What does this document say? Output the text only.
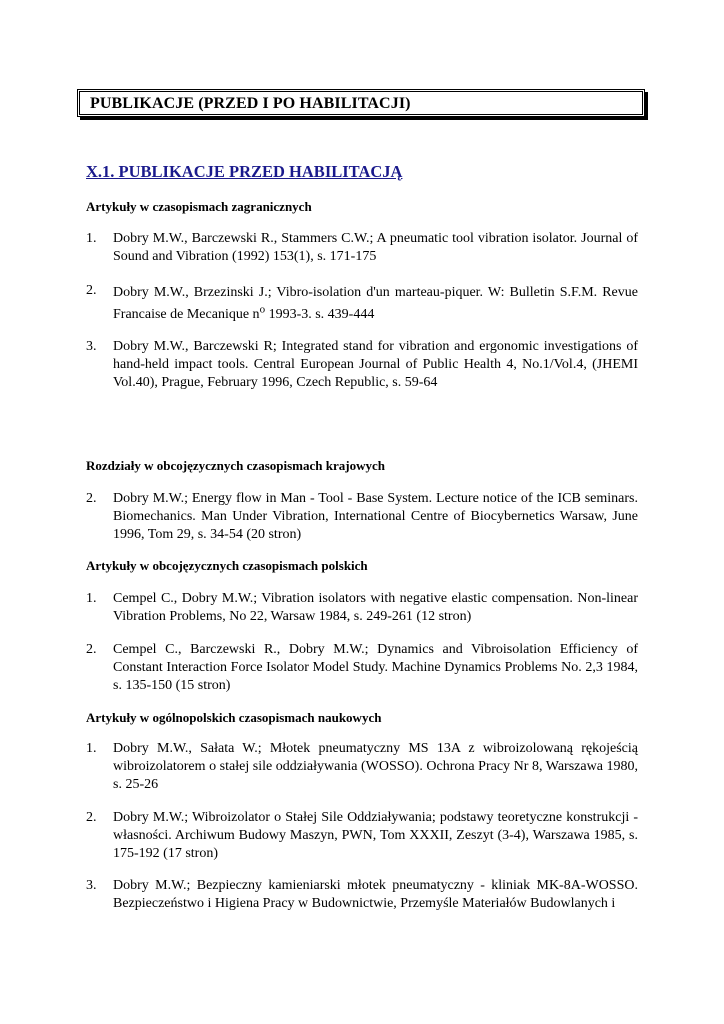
PUBLIKACJE (PRZED I PO HABILITACJI)
X.1. PUBLIKACJE PRZED HABILITACJĄ
Artykuły w czasopismach zagranicznych
1. Dobry M.W., Barczewski R., Stammers C.W.; A pneumatic tool vibration isolator. Journal of Sound and Vibration (1992) 153(1), s. 171-175
2. Dobry M.W., Brzezinski J.; Vibro-isolation d'un marteau-piquer. W: Bulletin S.F.M. Revue Francaise de Mecanique $n^o$ 1993-3. s. 439-444
3. Dobry M.W., Barczewski R; Integrated stand for vibration and ergonomic investigations of hand-held impact tools. Central European Journal of Public Health 4, No.1/Vol.4, (JHEMI Vol.40), Prague, February 1996, Czech Republic, s. 59-64
Rozdziały w obcojęzycznych czasopismach krajowych
2. Dobry M.W.; Energy flow in Man - Tool - Base System. Lecture notice of the ICB seminars. Biomechanics. Man Under Vibration, International Centre of Biocybernetics Warsaw, June 1996, Tom 29, s. 34-54 (20 stron)
Artykuły w obcojęzycznych czasopismach polskich
1. Cempel C., Dobry M.W.; Vibration isolators with negative elastic compensation. Non-linear Vibration Problems, No 22, Warsaw 1984, s. 249-261 (12 stron)
2. Cempel C., Barczewski R., Dobry M.W.; Dynamics and Vibroisolation Efficiency of Constant Interaction Force Isolator Model Study. Machine Dynamics Problems No. 2,3 1984, s. 135-150 (15 stron)
Artykuły w ogólnopolskich czasopismach naukowych
1. Dobry M.W., Sałata W.; Młotek pneumatyczny MS 13A z wibroizolowaną rękojeścią wibroizolatorem o stałej sile oddziaływania (WOSSO). Ochrona Pracy Nr 8, Warszawa 1980, s. 25-26
2. Dobry M.W.; Wibroizolator o Stałej Sile Oddziaływania; podstawy teoretyczne konstrukcji - własności. Archiwum Budowy Maszyn, PWN, Tom XXXII, Zeszyt (3-4), Warszawa 1985, s. 175-192 (17 stron)
3. Dobry M.W.; Bezpieczny kamieniarski młotek pneumatyczny - kliniak MK-8A-WOSSO. Bezpieczeństwo i Higiena Pracy w Budownictwie, Przemyśle Materiałów Budowlanych i
